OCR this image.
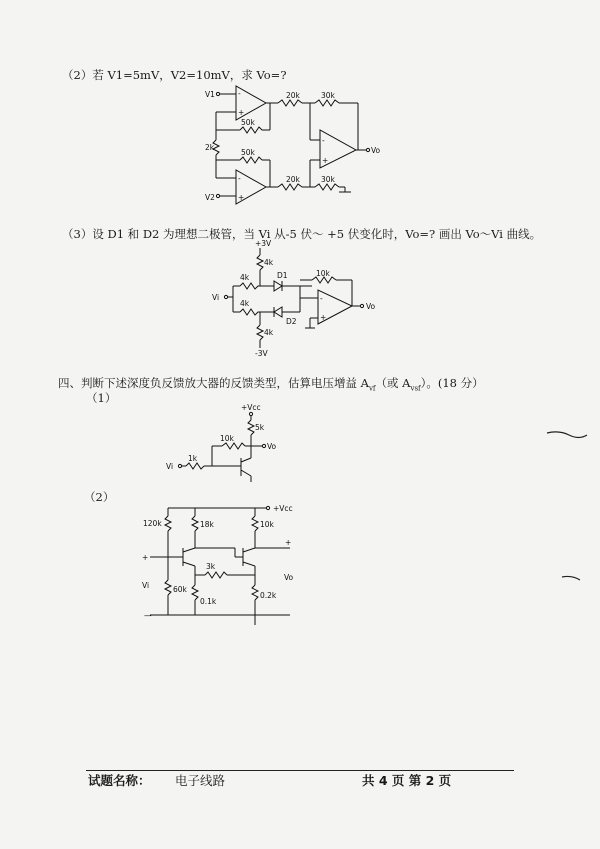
（2）若 V1=5mV，V2=10mV，求 Vo=?
V1	-
+
20k	30k
50k
2k
50k
-
+
V2
20k	30k
-
+
Vo
（3）设 D1 和 D2 为理想二极管，当 Vi 从-5 伏～ +5 伏变化时，Vo=? 画出 Vo～Vi 曲线。
+3V
4k
D1	10k
4k
Vi
4k
D2
4k
-3V
-
+
Vo
四、判断下述深度负反馈放大器的反馈类型，估算电压增益 $A_{vf}$（或 $A_{vsf}$）。(18 分）
（1）
+Vcc
5k
Vo
10k
Vi
1k
（2）
+Vcc
120k	18k	10k
+
+
3k
60k
Vi
0.1k
0.2k
—
Vo
试题名称： 电子线路	共 4 页 第 2 页
